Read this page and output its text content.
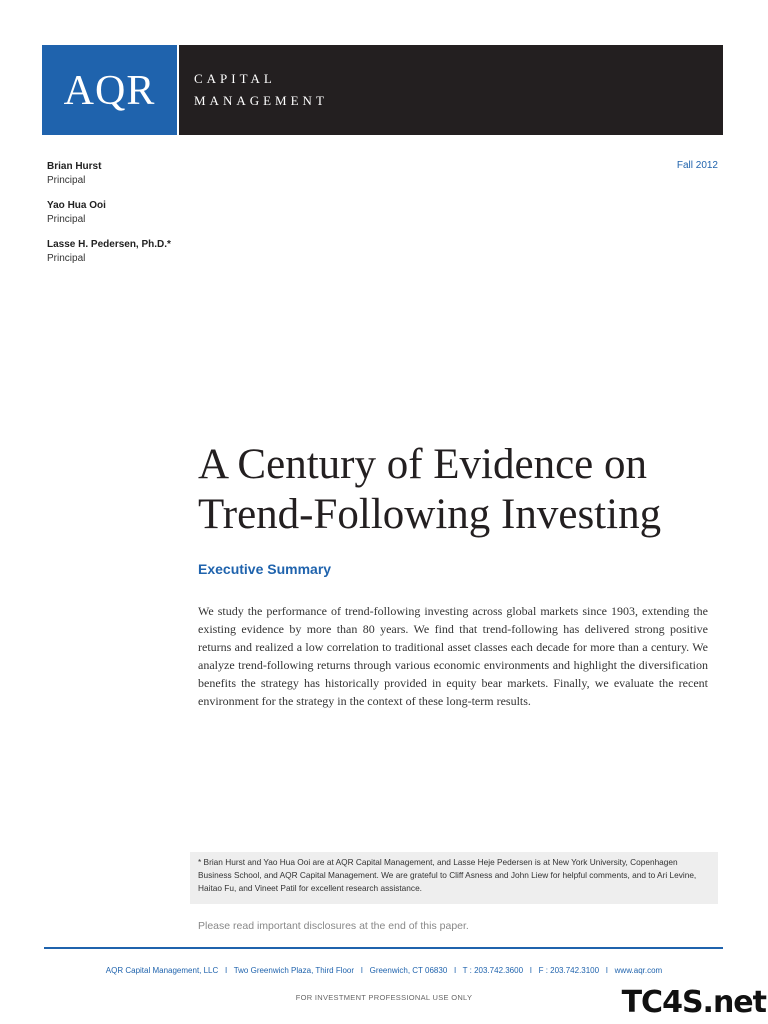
AQR	CAPITAL
MANAGEMENT
Brian Hurst
Principal
Yao Hua Ooi
Principal
Lasse H. Pedersen, Ph.D.*
Principal
Fall 2012
A Century of Evidence on
Trend-Following Investing
Executive Summary

We study the performance of trend-following investing across global markets since 1903, extending the existing evidence by more than 80 years. We find that trend-following has delivered strong positive returns and realized a low correlation to traditional asset classes each decade for more than a century. We analyze trend-following returns through various economic environments and highlight the diversification benefits the strategy has historically provided in equity bear markets. Finally, we evaluate the recent environment for the strategy in the context of these long-term results.

* Brian Hurst and Yao Hua Ooi are at AQR Capital Management, and Lasse Heje Pedersen is at New York University, Copenhagen Business School, and AQR Capital Management. We are grateful to Cliff Asness and John Liew for helpful comments, and to Ari Levine, Haitao Fu, and Vineet Patil for excellent research assistance.
Please read important disclosures at the end of this paper.
AQR Capital Management, LLC   I   Two Greenwich Plaza, Third Floor   I   Greenwich, CT 06830   I   T : 203.742.3600   I   F : 203.742.3100   I   www.aqr.com
FOR INVESTMENT PROFESSIONAL USE ONLY	TC4S.net
